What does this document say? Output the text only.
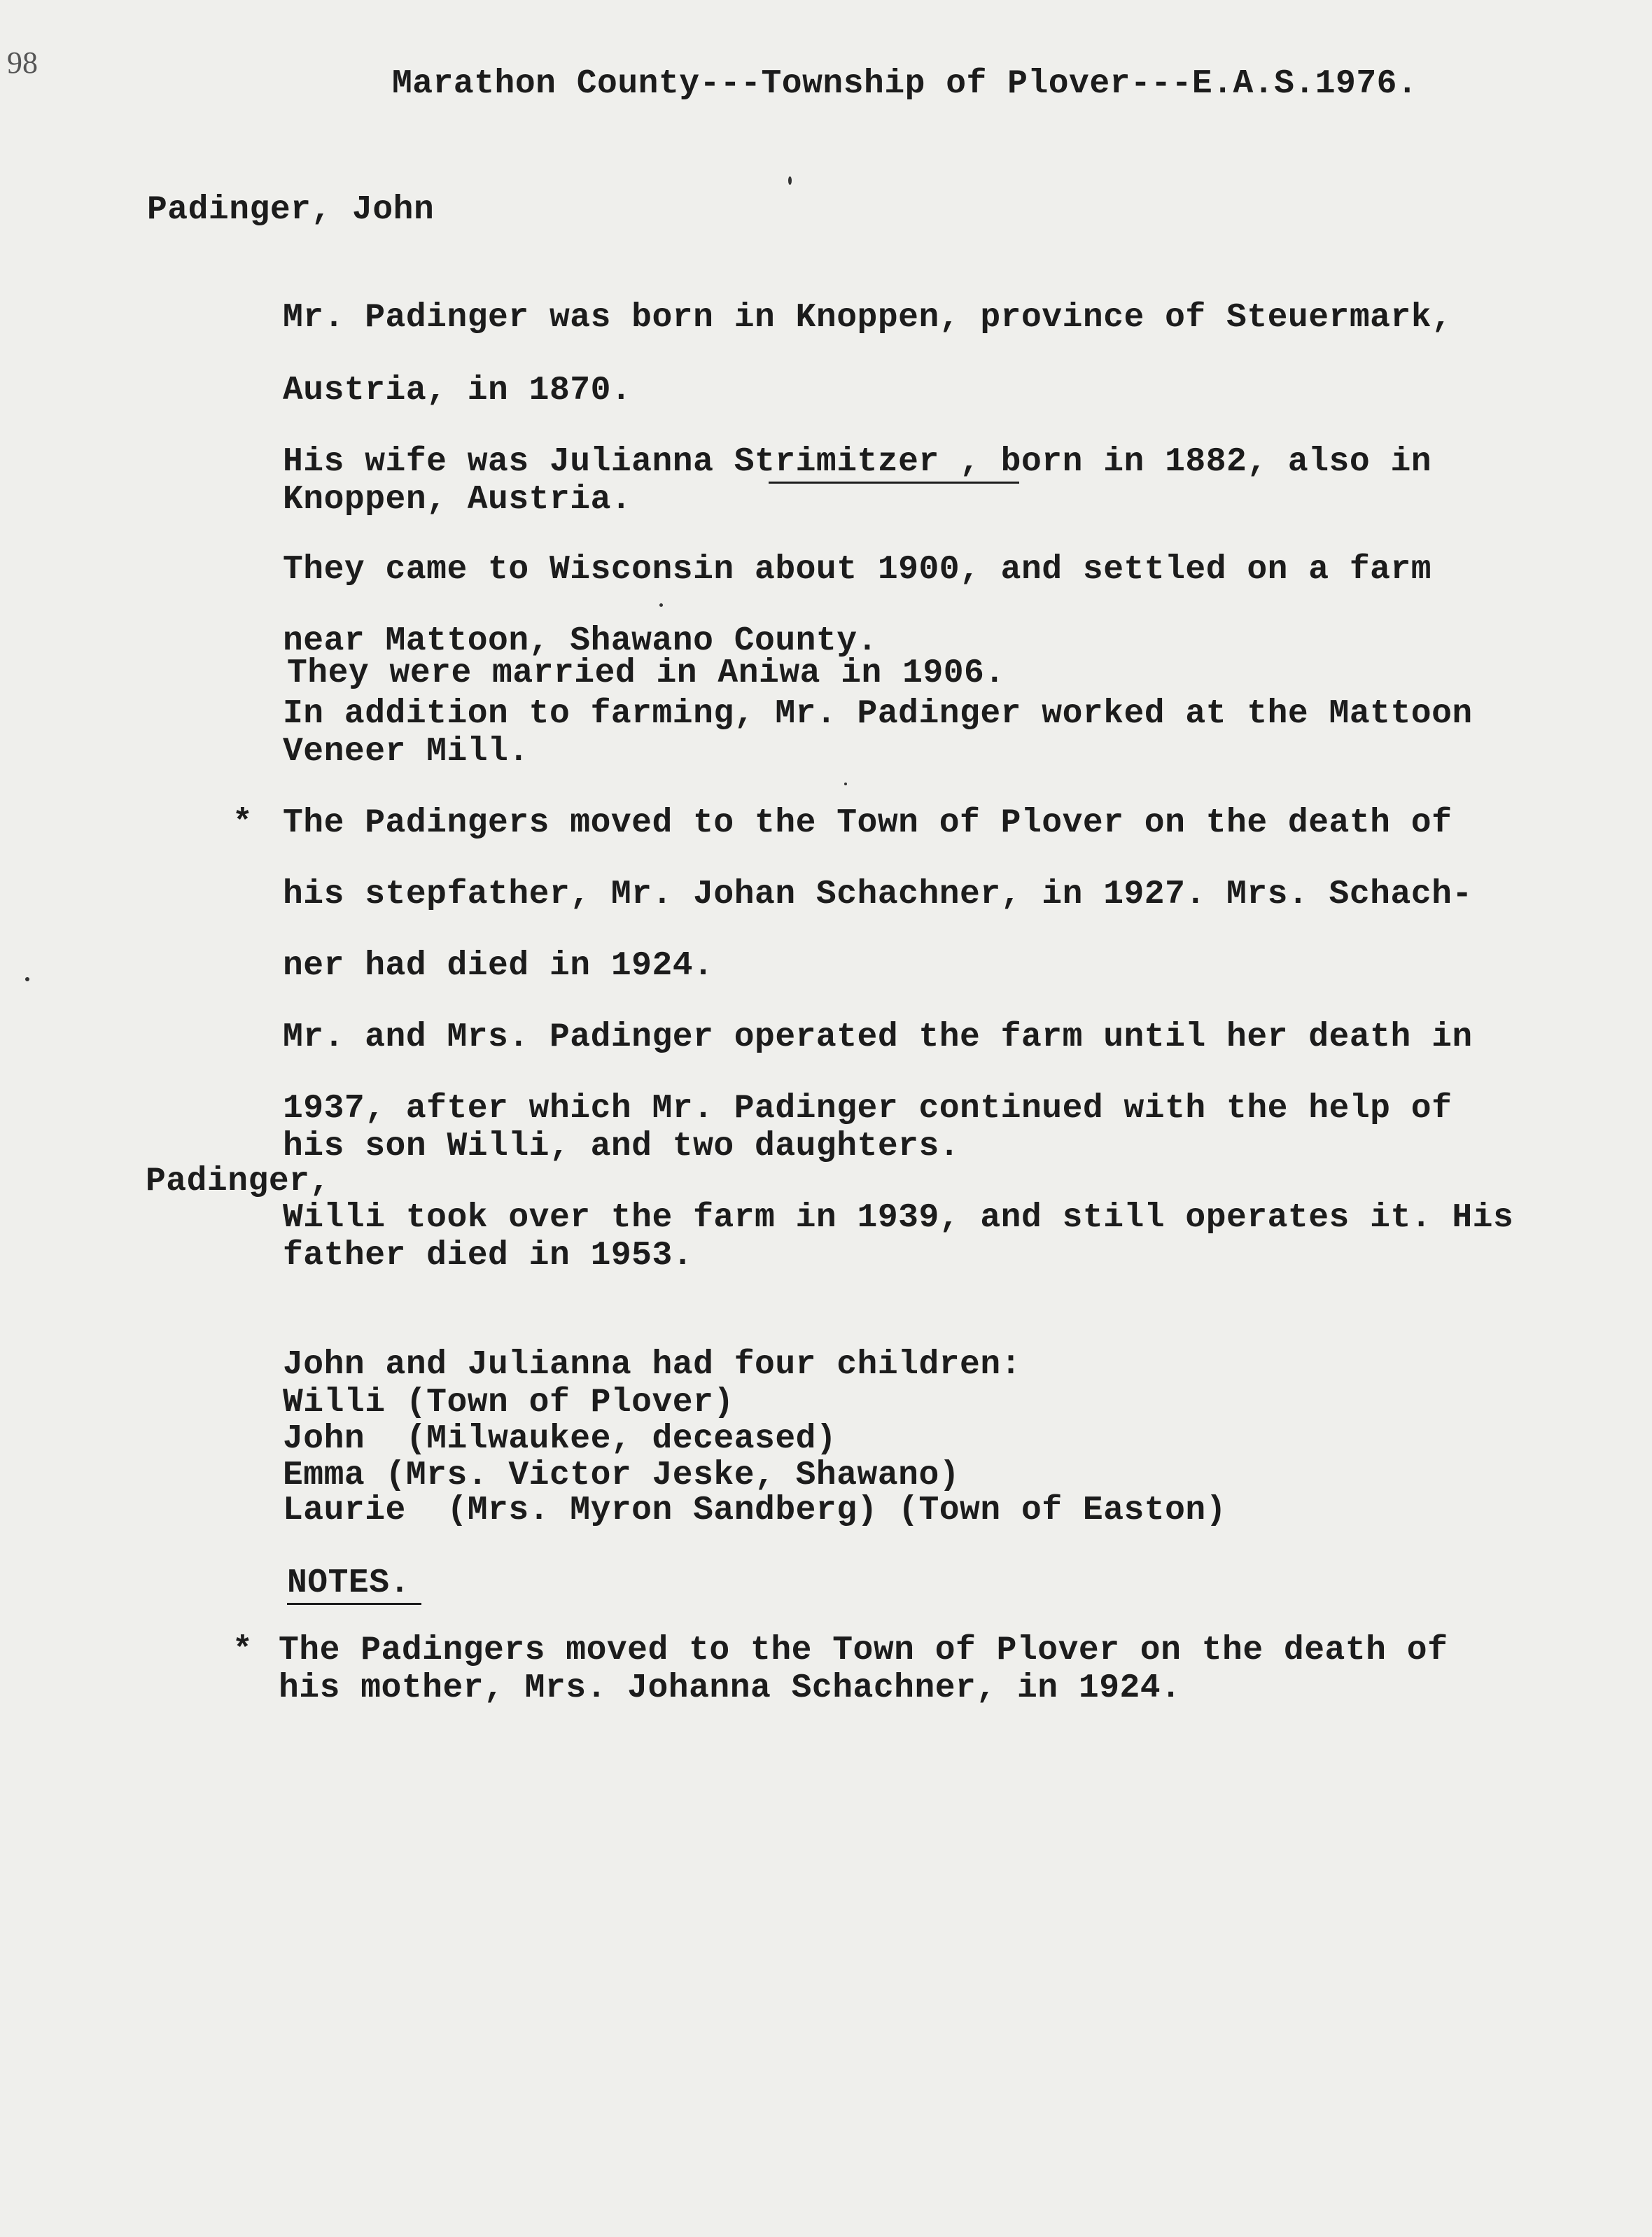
98
Marathon County---Township of Plover---E.A.S.1976.
Padinger, John
Mr. Padinger was born in Knoppen, province of Steuermark,
Austria, in 1870.
His wife was Julianna Strimitzer , born in 1882, also in
Knoppen, Austria.
They came to Wisconsin about 1900, and settled on a farm
near Mattoon, Shawano County.
They were married in Aniwa in 1906.
In addition to farming, Mr. Padinger worked at the Mattoon
Veneer Mill.
* The Padingers moved to the Town of Plover on the death of
his stepfather, Mr. Johan Schachner, in 1927. Mrs. Schach-
ner had died in 1924.
Mr. and Mrs. Padinger operated the farm until her death in
1937, after which Mr. Padinger continued with the help of
his son Willi, and two daughters.
Padinger,
Willi took over the farm in 1939, and still operates it. His
father died in 1953.
John and Julianna had four children:
Willi (Town of Plover)
John  (Milwaukee, deceased)
Emma (Mrs. Victor Jeske, Shawano)
Laurie  (Mrs. Myron Sandberg) (Town of Easton)
NOTES.
* The Padingers moved to the Town of Plover on the death of
his mother, Mrs. Johanna Schachner, in 1924.
